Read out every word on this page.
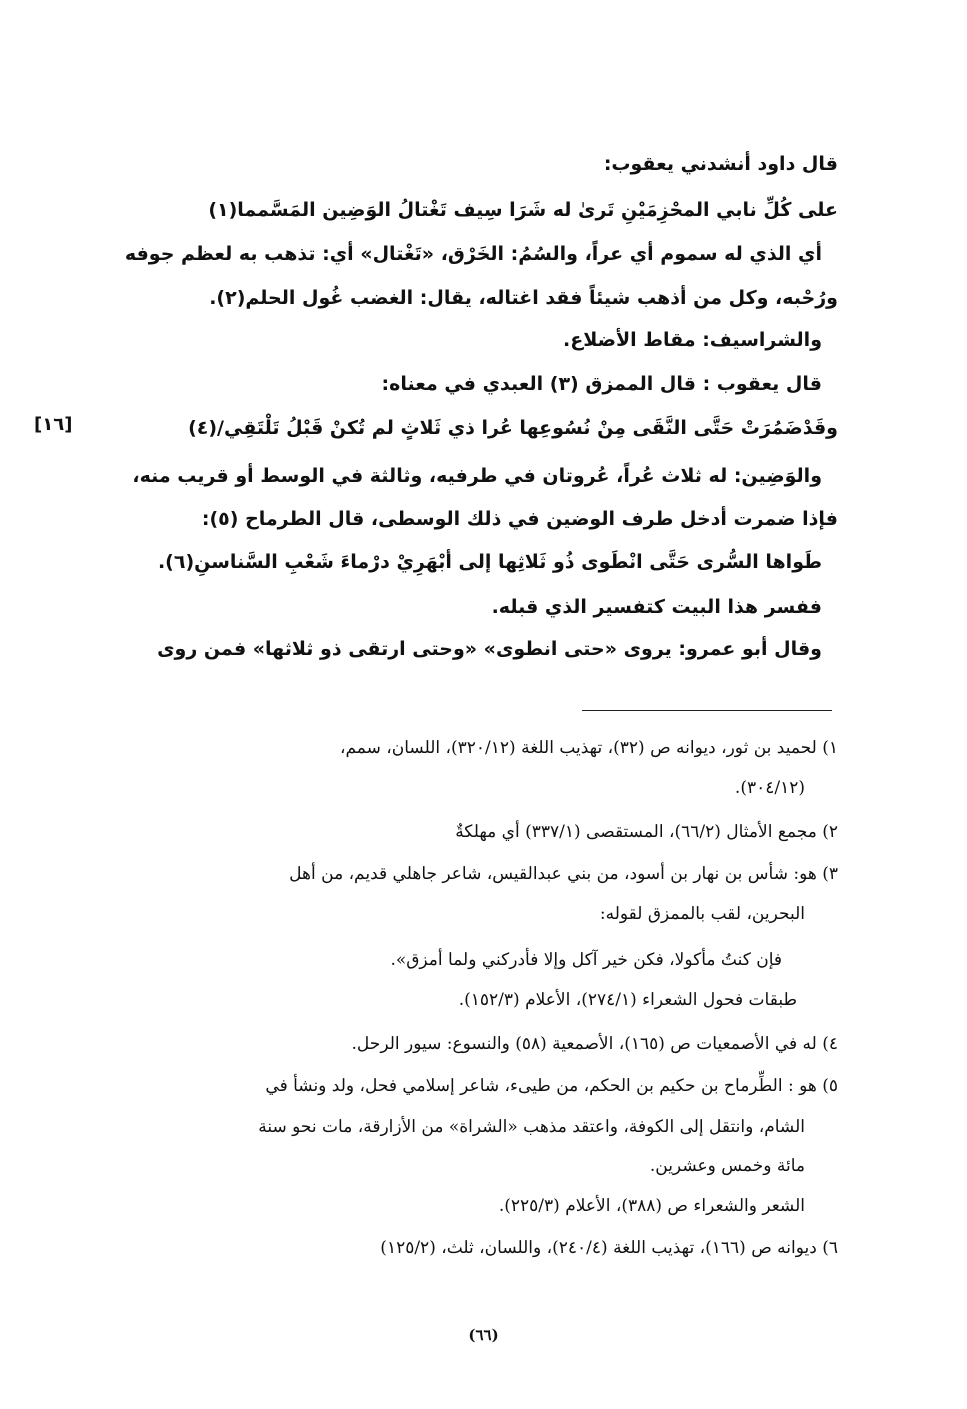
قال داود أنشدني يعقوب:
على كُلِّ نابي المحْزِمَيْنِ تَرىٰ له شَرَا سِيف تَغْتالُ الوَضِين المَسَّمما(١)
أي الذي له سموم أي عراً، والسُمُ: الخَرْق، «تَغْتال» أي: تذهب به لعظم جوفه
ورُحْبه، وكل من أذهب شيئاً فقد اغتاله، يقال: الغضب غُول الحلم(٢).
والشراسيف: مقاط الأضلاع.
قال يعقوب : قال الممزق (٣) العبدي في معناه:
وقَدْضَمُرَتْ حَتَّى النَّقَى مِنْ نُسُوعِها عُرا ذي ثَلاثٍ لم تُكنْ قَبْلُ تَلْتَقِي/(٤)
والوَضِين: له ثلاث عُراً، عُروتان في طرفيه، وثالثة في الوسط أو قريب منه،
فإذا ضمرت أدخل طرف الوضين في ذلك الوسطى، قال الطرماح (٥):
طَواها السُّرى حَتَّى انْطَوى ذُو ثَلاثِها إلى أبْهَرِيْ درْماءَ شَعْبِ السَّناسنِ(٦).
ففسر هذا البيت كتفسير الذي قبله.
وقال أبو عمرو: يروى «حتى انطوى» «وحتى ارتقى ذو ثلاثها» فمن روى
[١٦]
١) لحميد بن ثور، ديوانه ص (٣٢)، تهذيب اللغة (٣٢٠/١٢)، اللسان، سمم،
(٣٠٤/١٢).
٢) مجمع الأمثال (٦٦/٢)، المستقصى (٣٣٧/١) أي مهلكةٌ
٣) هو: شأس بن نهار بن أسود، من بني عبدالقيس، شاعر جاهلي قديم، من أهل
البحرين، لقب بالممزق لقوله:
فإن كنتُ مأكولا، فكن خير آكل وإلا فأدركني ولما أمزق».
طبقات فحول الشعراء (٢٧٤/١)، الأعلام (١٥٢/٣).
٤) له في الأصمعيات ص (١٦٥)، الأصمعية (٥٨) والنسوع: سيور الرحل.
٥) هو : الطِّرماح بن حكيم بن الحكم، من طيىء، شاعر إسلامي فحل، ولد ونشأ في
الشام، وانتقل إلى الكوفة، واعتقد مذهب «الشراة» من الأزارقة، مات نحو سنة
مائة وخمس وعشرين.
الشعر والشعراء ص (٣٨٨)، الأعلام (٢٢٥/٣).
٦) ديوانه ص (١٦٦)، تهذيب اللغة (٢٤٠/٤)، واللسان، ثلث، (١٢٥/٢)
(٦٦)
